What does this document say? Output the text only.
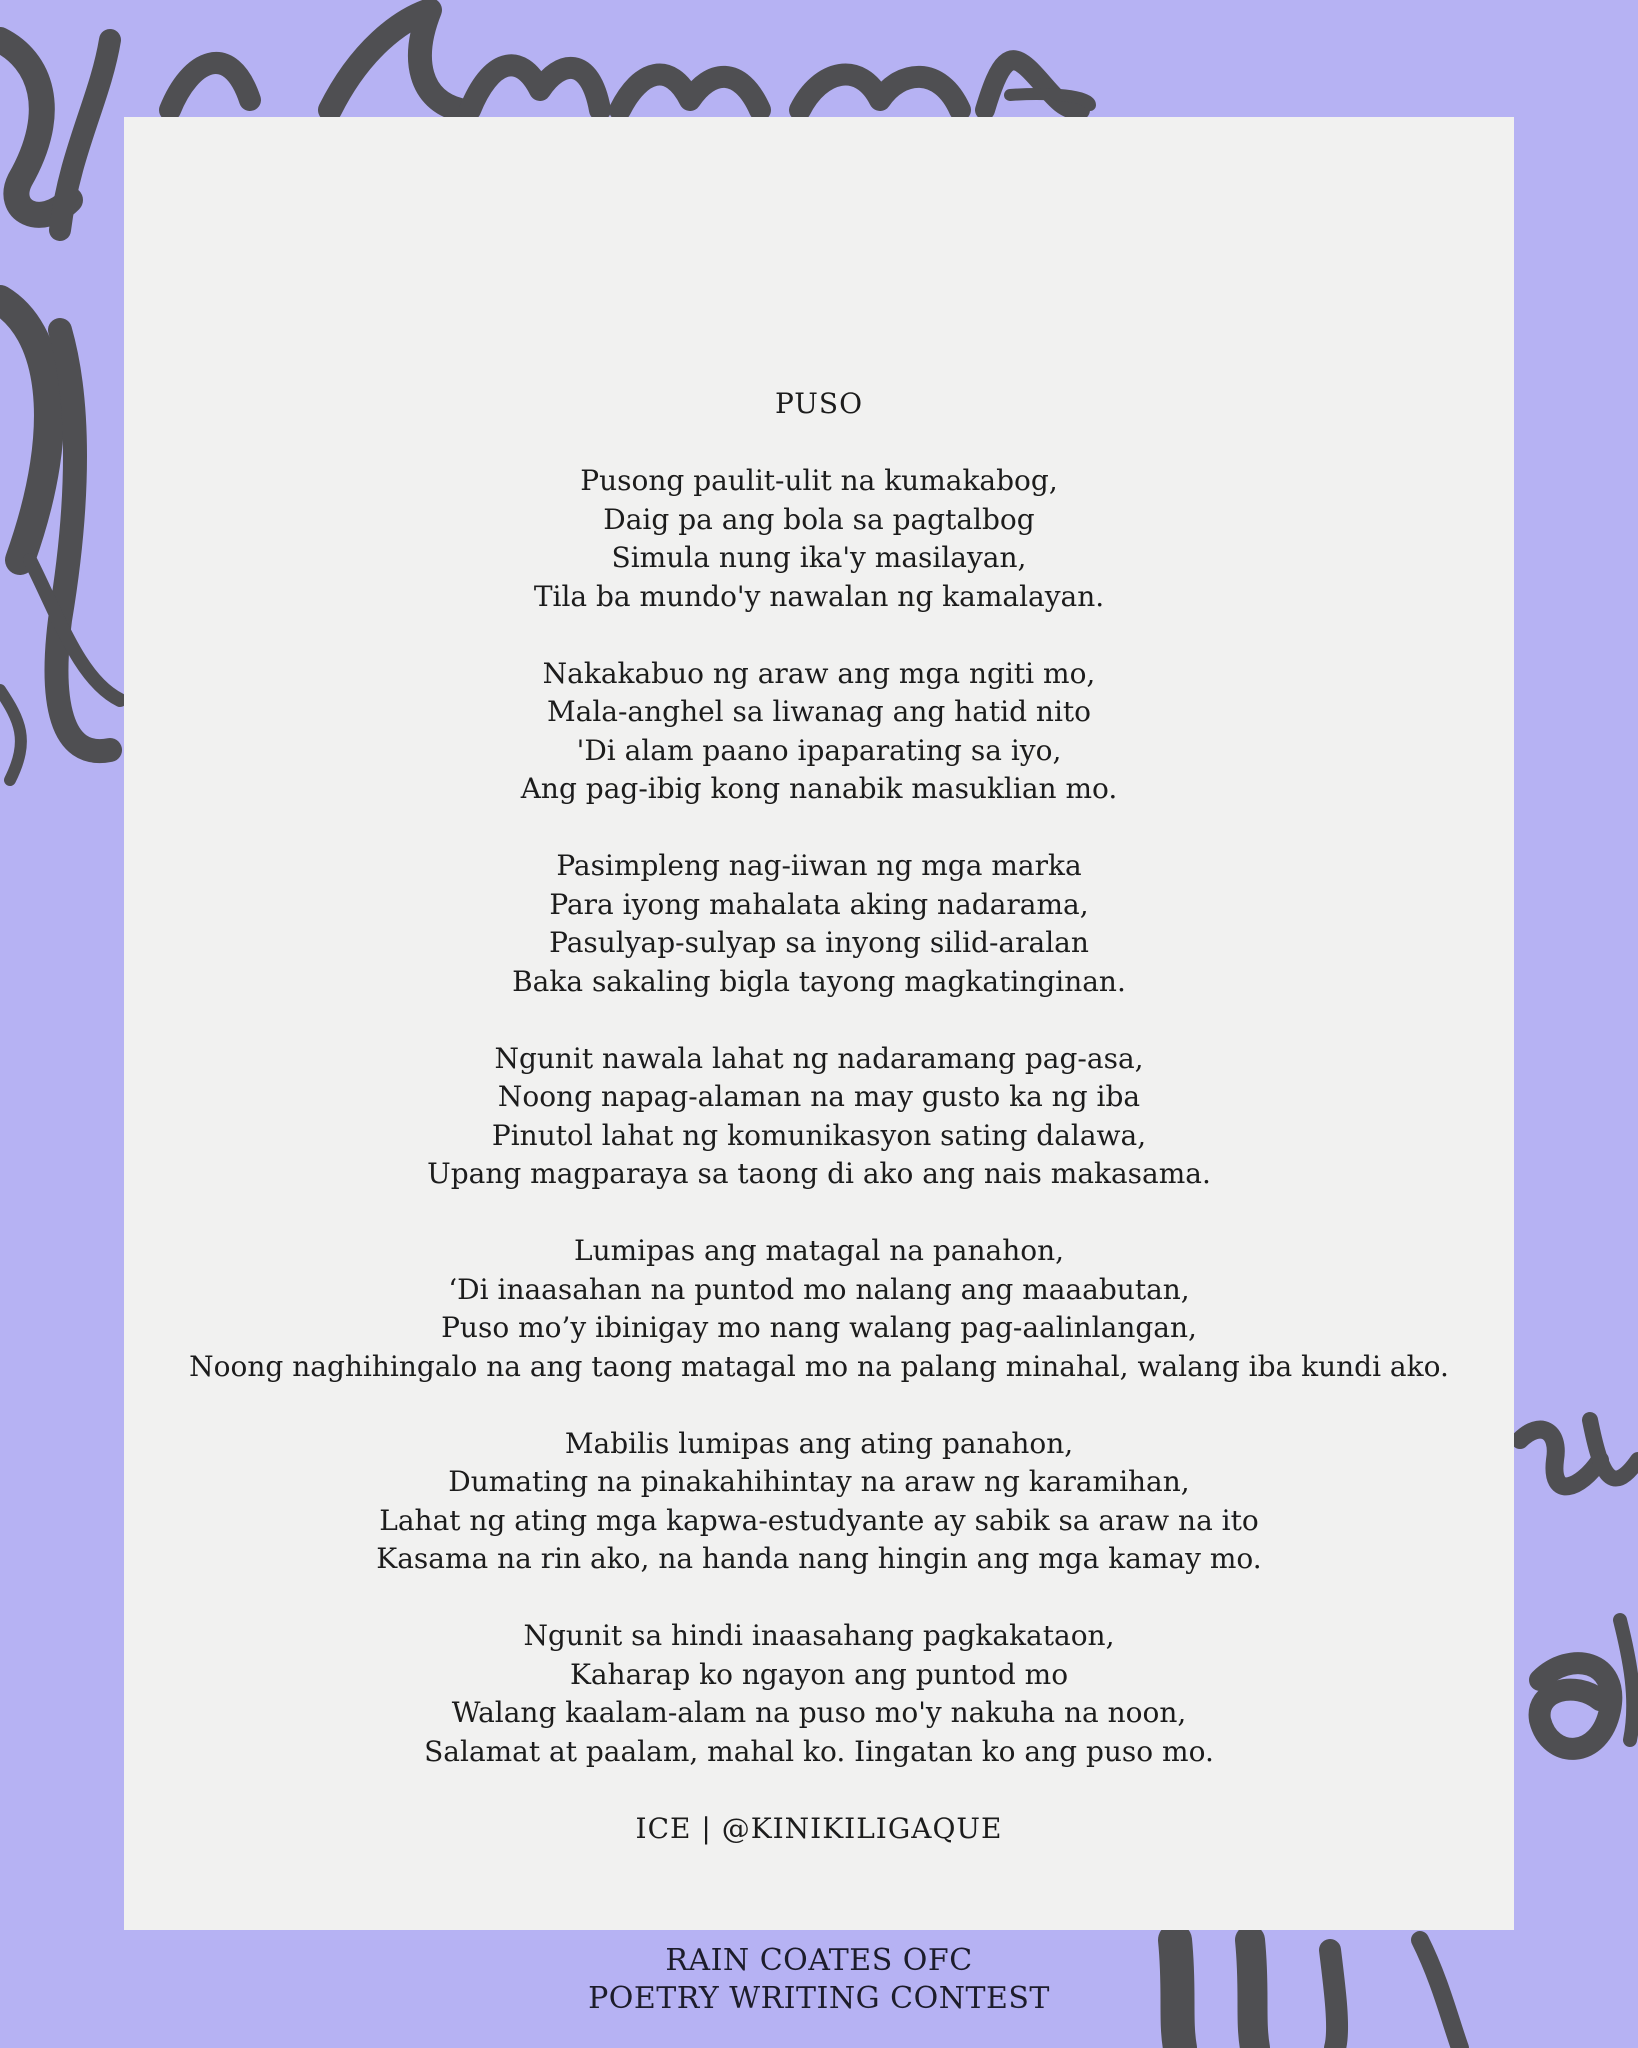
PUSO
Pusong paulit-ulit na kumakabog,
Daig pa ang bola sa pagtalbog
Simula nung ika'y masilayan,
Tila ba mundo'y nawalan ng kamalayan.
Nakakabuo ng araw ang mga ngiti mo,
Mala-anghel sa liwanag ang hatid nito
'Di alam paano ipaparating sa iyo,
Ang pag-ibig kong nanabik masuklian mo.
Pasimpleng nag-iiwan ng mga marka
Para iyong mahalata aking nadarama,
Pasulyap-sulyap sa inyong silid-aralan
Baka sakaling bigla tayong magkatinginan.
Ngunit nawala lahat ng nadaramang pag-asa,
Noong napag-alaman na may gusto ka ng iba
Pinutol lahat ng komunikasyon sating dalawa,
Upang magparaya sa taong di ako ang nais makasama.
Lumipas ang matagal na panahon,
‘Di inaasahan na puntod mo nalang ang maaabutan,
Puso mo’y ibinigay mo nang walang pag-aalinlangan,
Noong naghihingalo na ang taong matagal mo na palang minahal, walang iba kundi ako.
Mabilis lumipas ang ating panahon,
Dumating na pinakahihintay na araw ng karamihan,
Lahat ng ating mga kapwa-estudyante ay sabik sa araw na ito
Kasama na rin ako, na handa nang hingin ang mga kamay mo.
Ngunit sa hindi inaasahang pagkakataon,
Kaharap ko ngayon ang puntod mo
Walang kaalam-alam na puso mo'y nakuha na noon,
Salamat at paalam, mahal ko. Iingatan ko ang puso mo.
ICE | @KINIKILIGAQUE
RAIN COATES OFC
POETRY WRITING CONTEST
